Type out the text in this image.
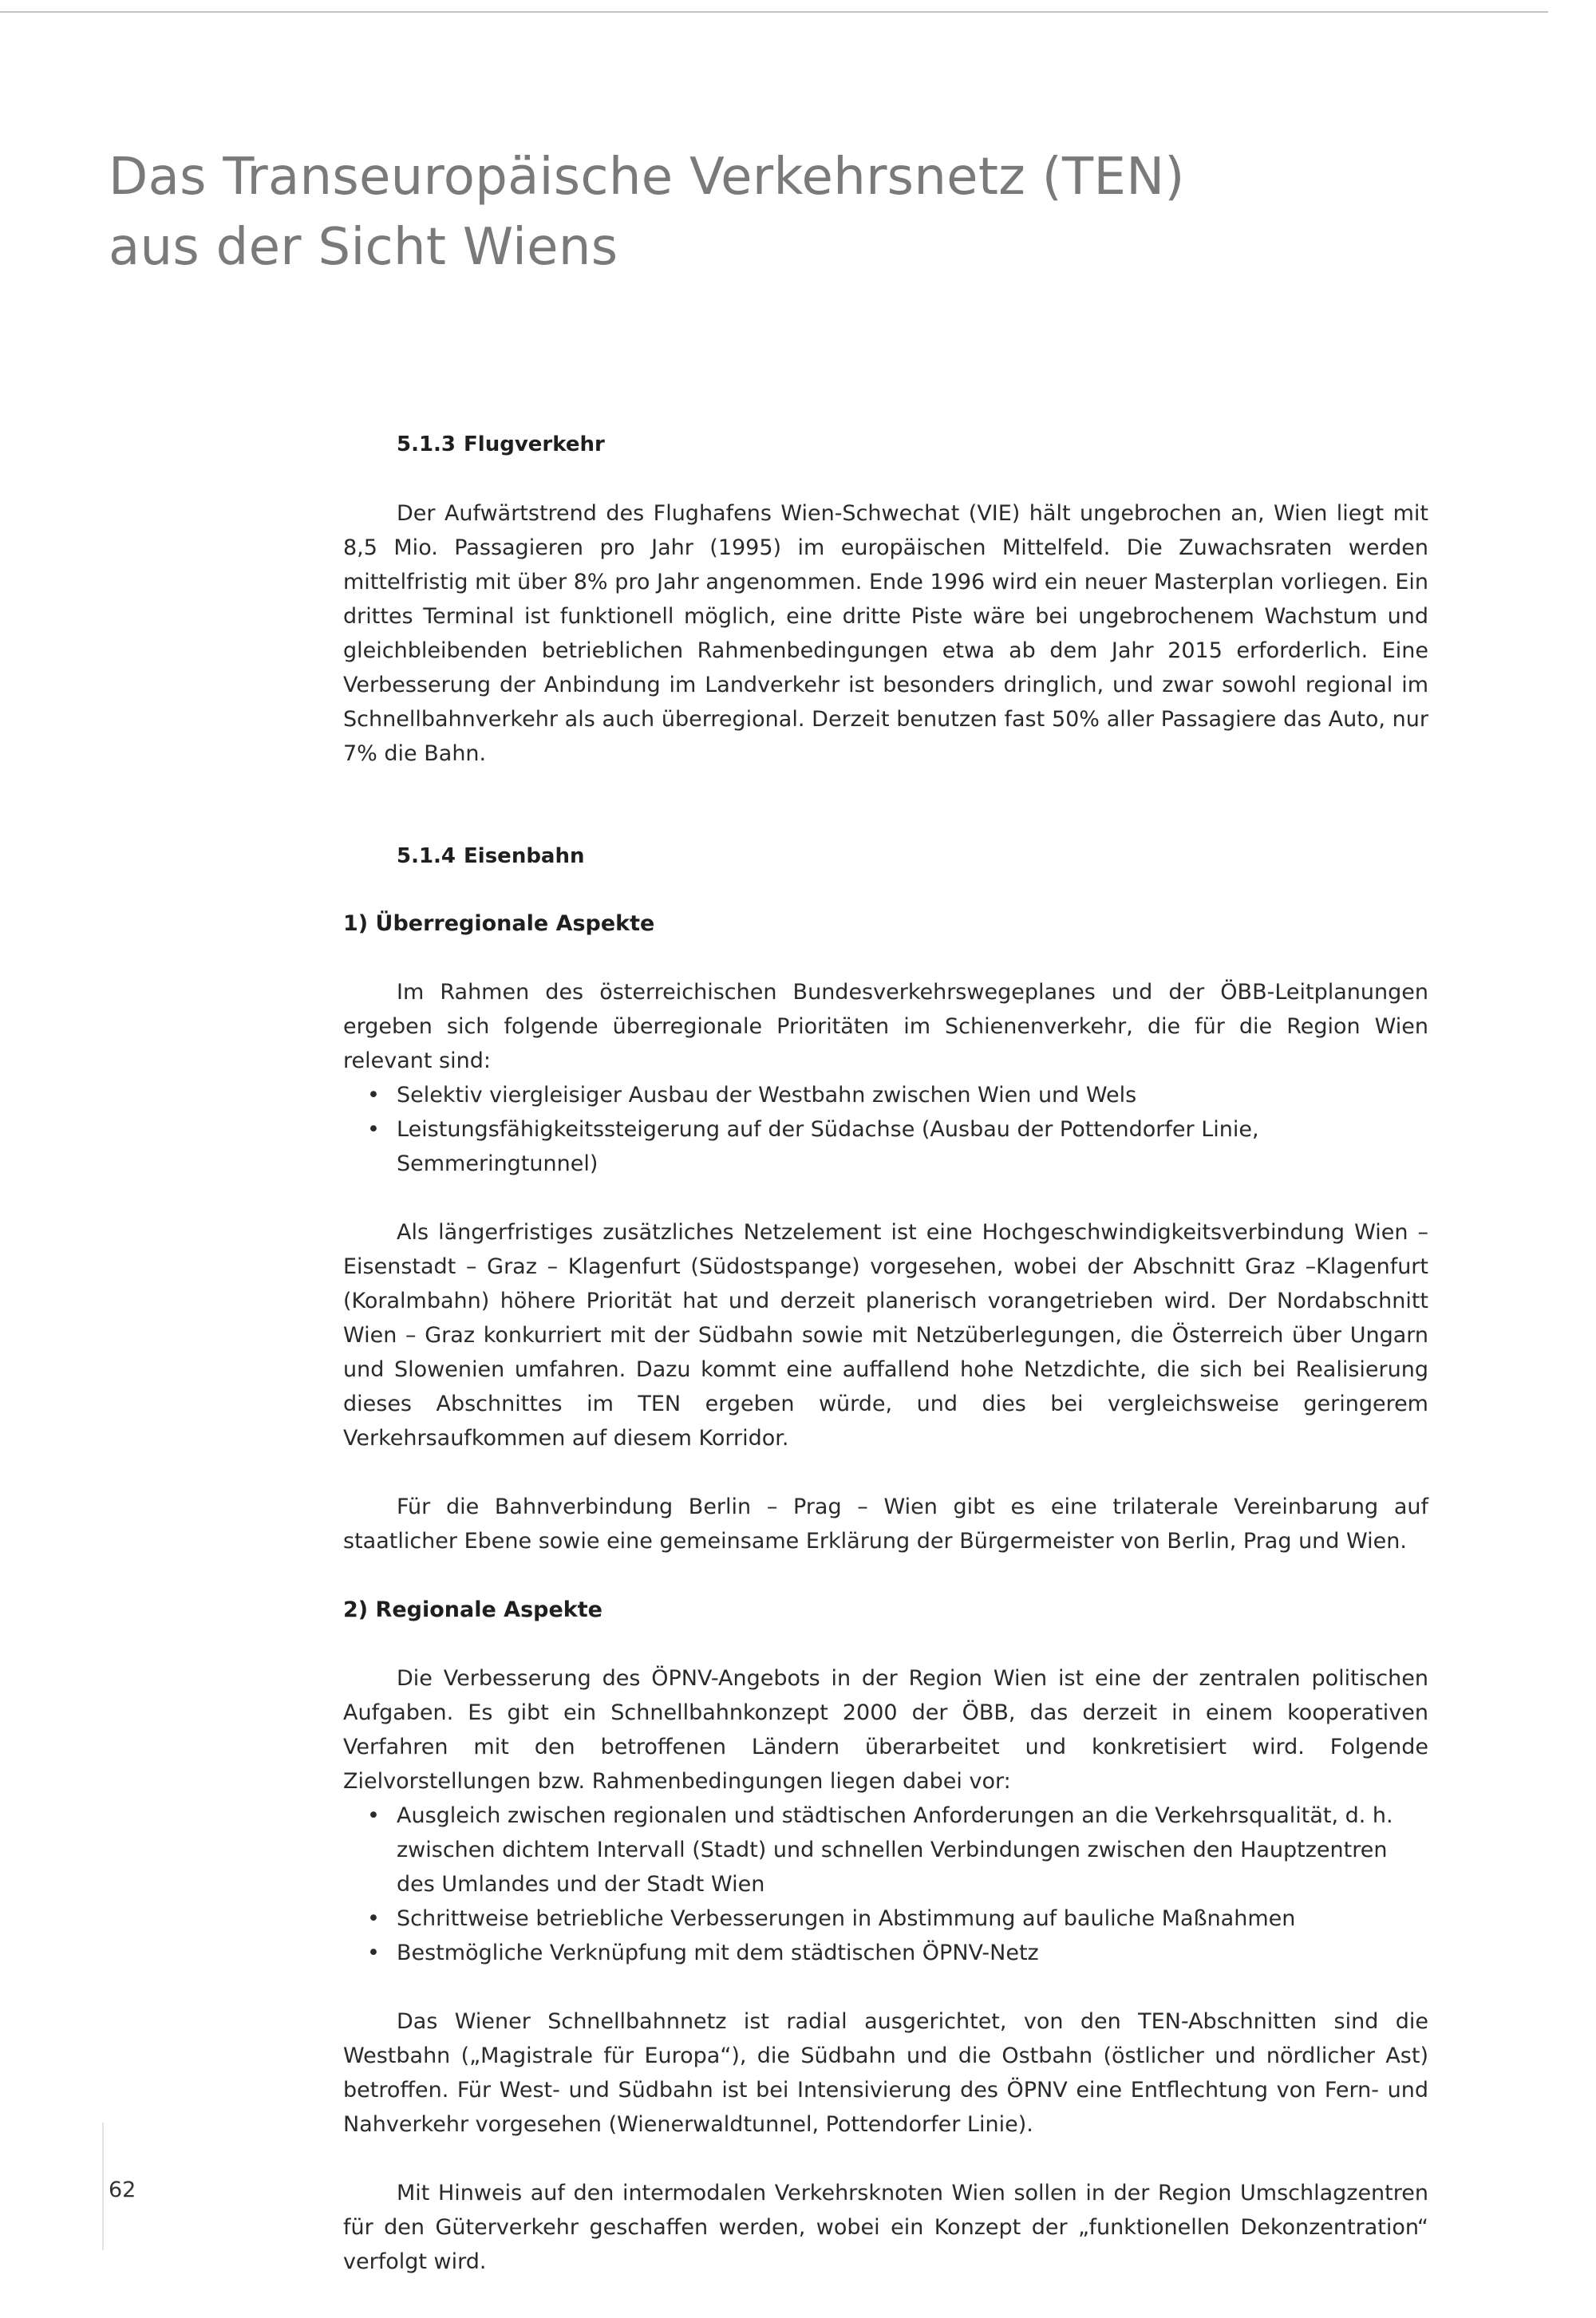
Das Transeuropäische Verkehrsnetz (TEN)
aus der Sicht Wiens

5.1.3 Flugverkehr

Der Aufwärtstrend des Flughafens Wien-Schwechat (VIE) hält ungebrochen an, Wien liegt mit 8,5 Mio. Passagieren pro Jahr (1995) im europäischen Mittelfeld. Die Zuwachsraten werden mittelfristig mit über 8% pro Jahr angenommen. Ende 1996 wird ein neuer Masterplan vorliegen. Ein drittes Terminal ist funktionell möglich, eine dritte Piste wäre bei ungebrochenem Wachstum und gleichbleibenden betrieblichen Rahmenbedingungen etwa ab dem Jahr 2015 erforderlich. Eine Verbesserung der Anbindung im Landverkehr ist besonders dringlich, und zwar sowohl regional im Schnellbahnverkehr als auch überregional. Derzeit benutzen fast 50% aller Passagiere das Auto, nur 7% die Bahn.

5.1.4 Eisenbahn

1) Überregionale Aspekte

Im Rahmen des österreichischen Bundesverkehrswegeplanes und der ÖBB-Leitplanungen ergeben sich folgende überregionale Prioritäten im Schienenverkehr, die für die Region Wien relevant sind:

• Selektiv viergleisiger Ausbau der Westbahn zwischen Wien und Wels
• Leistungsfähigkeitssteigerung auf der Südachse (Ausbau der Pottendorfer Linie, Semmeringtunnel)

Als längerfristiges zusätzliches Netzelement ist eine Hochgeschwindigkeitsverbindung Wien – Eisenstadt – Graz – Klagenfurt (Südostspange) vorgesehen, wobei der Abschnitt Graz –Klagenfurt (Koralmbahn) höhere Priorität hat und derzeit planerisch vorangetrieben wird. Der Nordabschnitt Wien – Graz konkurriert mit der Südbahn sowie mit Netzüberlegungen, die Österreich über Ungarn und Slowenien umfahren. Dazu kommt eine auffallend hohe Netzdichte, die sich bei Realisierung dieses Abschnittes im TEN ergeben würde, und dies bei vergleichsweise geringerem Verkehrsaufkommen auf diesem Korridor.

Für die Bahnverbindung Berlin – Prag – Wien gibt es eine trilaterale Vereinbarung auf staatlicher Ebene sowie eine gemeinsame Erklärung der Bürgermeister von Berlin, Prag und Wien.

2) Regionale Aspekte

Die Verbesserung des ÖPNV-Angebots in der Region Wien ist eine der zentralen politischen Aufgaben. Es gibt ein Schnellbahnkonzept 2000 der ÖBB, das derzeit in einem kooperativen Verfahren mit den betroffenen Ländern überarbeitet und konkretisiert wird. Folgende Zielvorstellungen bzw. Rahmenbedingungen liegen dabei vor:

• Ausgleich zwischen regionalen und städtischen Anforderungen an die Verkehrsqualität, d. h. zwischen dichtem Intervall (Stadt) und schnellen Verbindungen zwischen den Hauptzentren des Umlandes und der Stadt Wien
• Schrittweise betriebliche Verbesserungen in Abstimmung auf bauliche Maßnahmen
• Bestmögliche Verknüpfung mit dem städtischen ÖPNV-Netz

Das Wiener Schnellbahnnetz ist radial ausgerichtet, von den TEN-Abschnitten sind die Westbahn („Magistrale für Europa“), die Südbahn und die Ostbahn (östlicher und nördlicher Ast) betroffen. Für West- und Südbahn ist bei Intensivierung des ÖPNV eine Entflechtung von Fern- und Nahverkehr vorgesehen (Wienerwaldtunnel, Pottendorfer Linie).

Mit Hinweis auf den intermodalen Verkehrsknoten Wien sollen in der Region Umschlagzentren für den Güterverkehr geschaffen werden, wobei ein Konzept der „funktionellen Dekonzentration“ verfolgt wird.

62
